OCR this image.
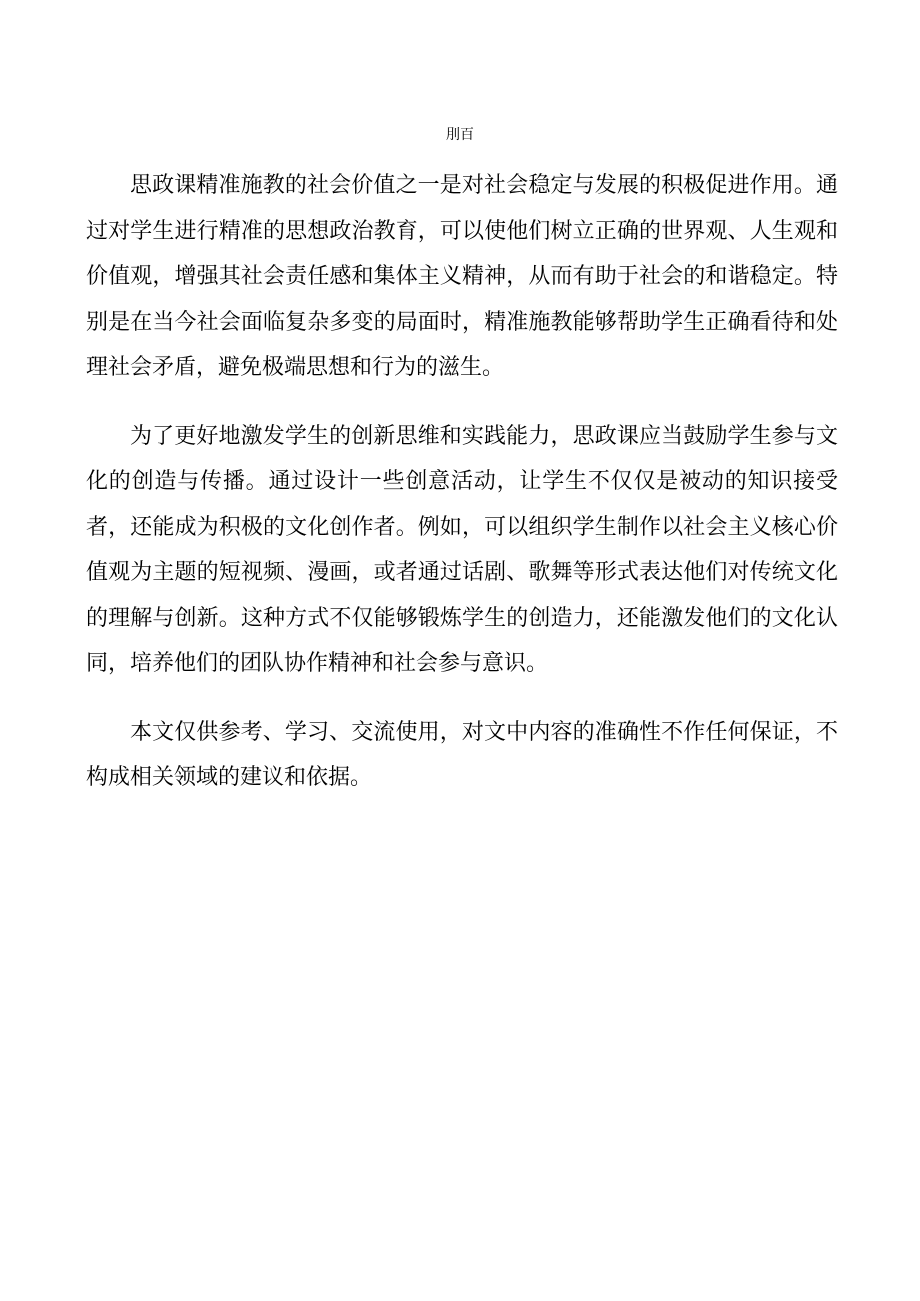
刖百

思政课精准施教的社会价值之一是对社会稳定与发展的积极促进作用。通过对学生进行精准的思想政治教育，可以使他们树立正确的世界观、人生观和价值观，增强其社会责任感和集体主义精神，从而有助于社会的和谐稳定。特别是在当今社会面临复杂多变的局面时，精准施教能够帮助学生正确看待和处理社会矛盾，避免极端思想和行为的滋生。

为了更好地激发学生的创新思维和实践能力，思政课应当鼓励学生参与文化的创造与传播。通过设计一些创意活动，让学生不仅仅是被动的知识接受者，还能成为积极的文化创作者。例如，可以组织学生制作以社会主义核心价值观为主题的短视频、漫画，或者通过话剧、歌舞等形式表达他们对传统文化的理解与创新。这种方式不仅能够锻炼学生的创造力，还能激发他们的文化认同，培养他们的团队协作精神和社会参与意识。

本文仅供参考、学习、交流使用，对文中内容的准确性不作任何保证，不构成相关领域的建议和依据。
